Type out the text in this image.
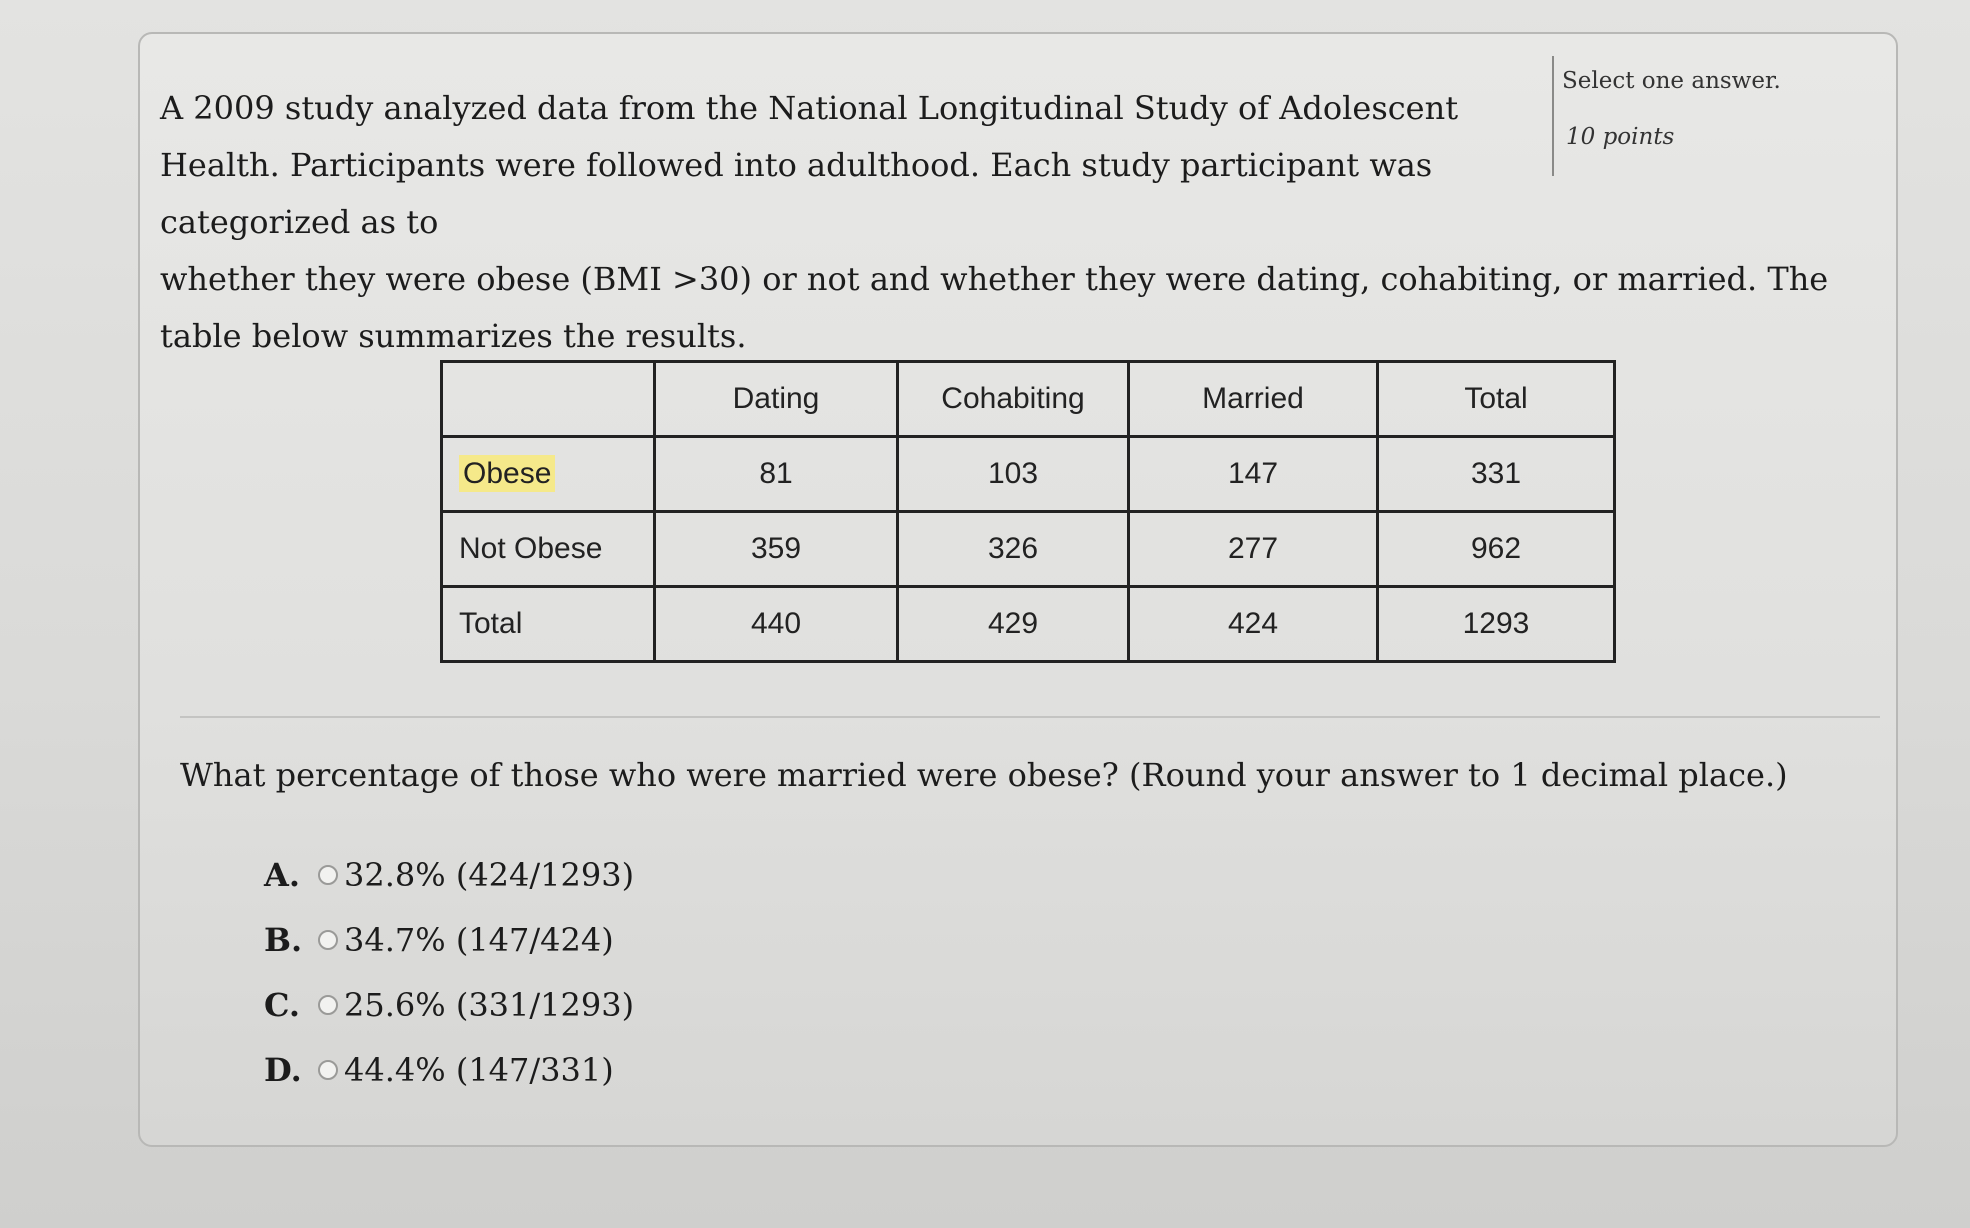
Select one answer.
10 points
A 2009 study analyzed data from the National Longitudinal Study of Adolescent Health. Participants were followed into adulthood. Each study participant was categorized as to
whether they were obese (BMI >30) or not and whether they were dating, cohabiting, or married. The table below summarizes the results.
	Dating	Cohabiting	Married	Total
Obese	81	103	147	331
Not Obese	359	326	277	962
Total	440	429	424	1293
What percentage of those who were married were obese? (Round your answer to 1 decimal place.)
A.	32.8% (424/1293)
B.	34.7% (147/424)
C.	25.6% (331/1293)
D.	44.4% (147/331)
